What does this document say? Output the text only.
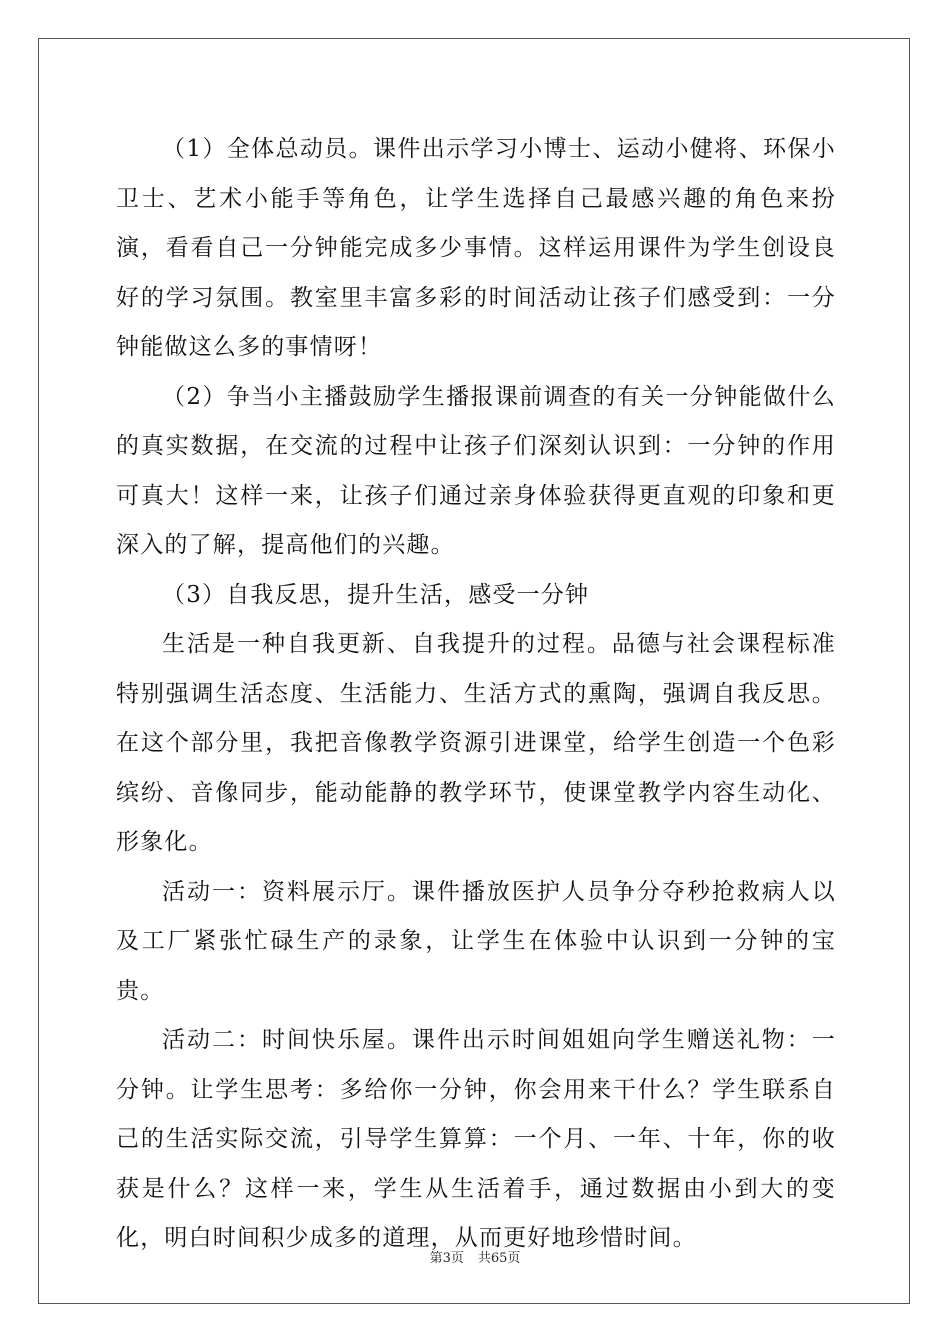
（1）全体总动员。课件出示学习小博士、运动小健将、环保小卫士、艺术小能手等角色，让学生选择自己最感兴趣的角色来扮演，看看自己一分钟能完成多少事情。这样运用课件为学生创设良好的学习氛围。教室里丰富多彩的时间活动让孩子们感受到：一分钟能做这么多的事情呀！

（2）争当小主播鼓励学生播报课前调查的有关一分钟能做什么的真实数据，在交流的过程中让孩子们深刻认识到：一分钟的作用可真大！这样一来，让孩子们通过亲身体验获得更直观的印象和更深入的了解，提高他们的兴趣。

（3）自我反思，提升生活，感受一分钟

生活是一种自我更新、自我提升的过程。品德与社会课程标准特别强调生活态度、生活能力、生活方式的熏陶，强调自我反思。在这个部分里，我把音像教学资源引进课堂，给学生创造一个色彩缤纷、音像同步，能动能静的教学环节，使课堂教学内容生动化、形象化。

活动一：资料展示厅。课件播放医护人员争分夺秒抢救病人以及工厂紧张忙碌生产的录象，让学生在体验中认识到一分钟的宝贵。

活动二：时间快乐屋。课件出示时间姐姐向学生赠送礼物：一分钟。让学生思考：多给你一分钟，你会用来干什么？学生联系自己的生活实际交流，引导学生算算：一个月、一年、十年，你的收获是什么？这样一来，学生从生活着手，通过数据由小到大的变化，明白时间积少成多的道理，从而更好地珍惜时间。

第3页 共65页
